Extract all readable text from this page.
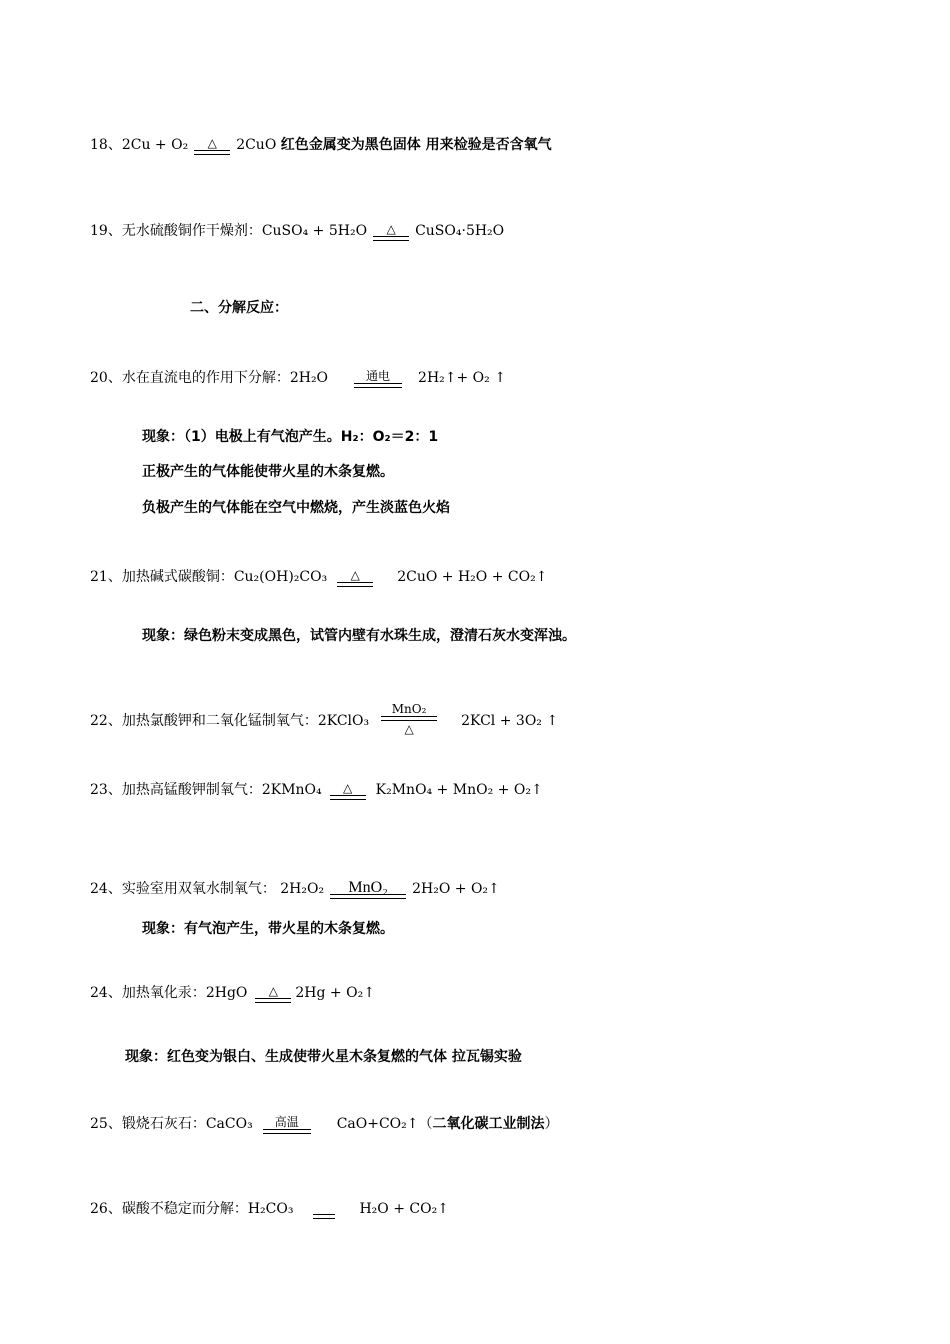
18、2Cu + O₂	△	2CuO 红色金属变为黑色固体 用来检验是否含氧气
19、无水硫酸铜作干燥剂：CuSO₄ + 5H₂O	△	CuSO₄·5H₂O
二、分解反应：
20、水在直流电的作用下分解：2H₂O	通电	2H₂↑+ O₂ ↑
现象：（1）电极上有气泡产生。H₂：O₂＝2：1
正极产生的气体能使带火星的木条复燃。
负极产生的气体能在空气中燃烧，产生淡蓝色火焰
21、加热碱式碳酸铜：Cu₂(OH)₂CO₃	△	2CuO + H₂O + CO₂↑
现象：绿色粉末变成黑色，试管内壁有水珠生成，澄清石灰水变浑浊。
22、加热氯酸钾和二氧化锰制氧气：2KClO₃
MnO₂
△	2KCl + 3O₂ ↑
23、加热高锰酸钾制氧气：2KMnO₄	△	K₂MnO₄ + MnO₂ + O₂↑
24、实验室用双氧水制氧气： 2H₂O₂	MnO₂	2H₂O + O₂↑
现象：有气泡产生，带火星的木条复燃。
24、加热氧化汞：2HgO	△	2Hg + O₂↑
现象：红色变为银白、生成使带火星木条复燃的气体 拉瓦锡实验
25、锻烧石灰石：CaCO₃	高温	CaO+CO₂↑（二氧化碳工业制法）
26、碳酸不稳定而分解：H₂CO₃	H₂O + CO₂↑
